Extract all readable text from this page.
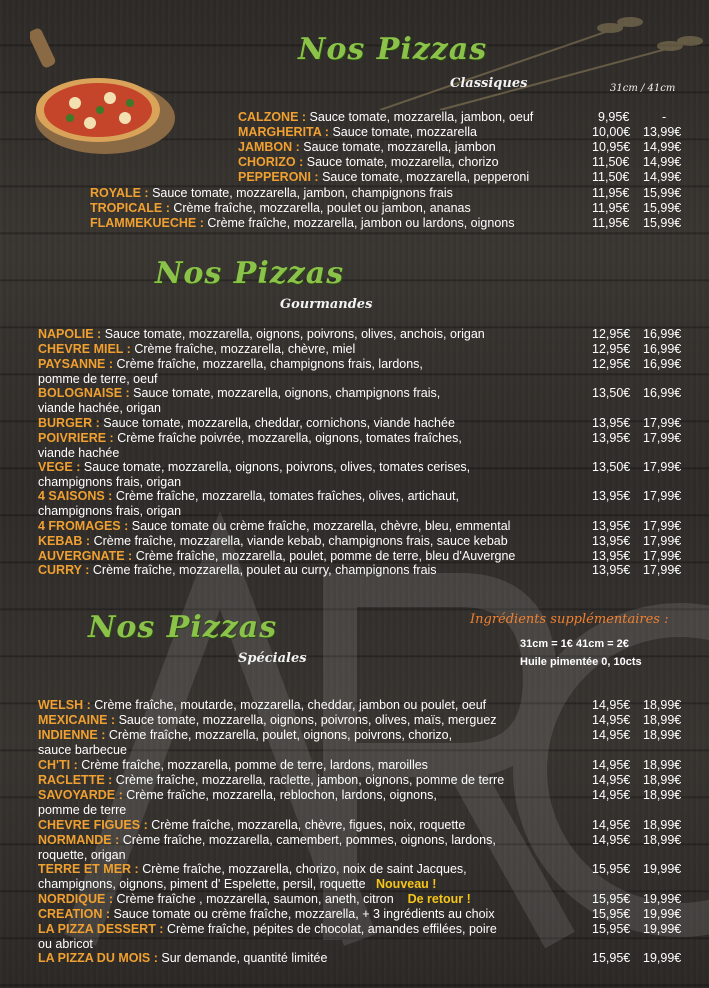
Nos Pizzas
Classiques	31cm / 41cm
CALZONE : Sauce tomate, mozzarella, jambon, oeuf	9,95€	-
MARGHERITA : Sauce tomate, mozzarella	10,00€ 13,99€
JAMBON : Sauce tomate, mozzarella, jambon	10,95€ 14,99€
CHORIZO : Sauce tomate, mozzarella, chorizo	11,50€ 14,99€
PEPPERONI : Sauce tomate, mozzarella, pepperoni	11,50€ 14,99€
ROYALE : Sauce tomate, mozzarella, jambon, champignons frais	11,95€ 15,99€
TROPICALE : Crème fraîche, mozzarella, poulet ou jambon, ananas	11,95€ 15,99€
FLAMMEKUECHE : Crème fraîche, mozzarella, jambon ou lardons, oignons	11,95€ 15,99€
Nos Pizzas
Gourmandes
NAPOLIE : Sauce tomate, mozzarella, oignons, poivrons, olives, anchois, origan	12,95€ 16,99€
CHEVRE MIEL : Crème fraîche, mozzarella, chèvre, miel	12,95€ 16,99€
PAYSANNE : Crème fraîche, mozzarella, champignons frais, lardons,
pomme de terre, oeuf
12,95€ 16,99€
BOLOGNAISE : Sauce tomate, mozzarella, oignons, champignons frais,
viande hachée, origan
13,50€ 16,99€
BURGER : Sauce tomate, mozzarella, cheddar, cornichons, viande hachée	13,95€ 17,99€
POIVRIERE : Crème fraîche poivrée, mozzarella, oignons, tomates fraîches,
viande hachée
13,95€ 17,99€
VEGE : Sauce tomate, mozzarella, oignons, poivrons, olives, tomates cerises,
champignons frais, origan
13,50€ 17,99€
4 SAISONS : Crème fraîche, mozzarella, tomates fraîches, olives, artichaut,
champignons frais, origan
13,95€ 17,99€
4 FROMAGES : Sauce tomate ou crème fraîche, mozzarella, chèvre, bleu, emmental	13,95€ 17,99€
KEBAB : Crème fraîche, mozzarella, viande kebab, champignons frais, sauce kebab	13,95€ 17,99€
AUVERGNATE : Crème fraîche, mozzarella, poulet, pomme de terre, bleu d'Auvergne	13,95€ 17,99€
CURRY : Crème fraîche, mozzarella, poulet au curry, champignons frais	13,95€ 17,99€
Nos Pizzas
Spéciales
Ingrédients supplémentaires :
31cm = 1€ 41cm = 2€
Huile pimentée 0, 10cts
WELSH : Crème fraîche, moutarde, mozzarella, cheddar, jambon ou poulet, oeuf	14,95€ 18,99€
MEXICAINE : Sauce tomate, mozzarella, oignons, poivrons, olives, maïs, merguez	14,95€ 18,99€
INDIENNE : Crème fraîche, mozzarella, poulet, oignons, poivrons, chorizo,
sauce barbecue
14,95€ 18,99€
CH'TI : Crème fraîche, mozzarella, pomme de terre, lardons, maroilles	14,95€ 18,99€
RACLETTE : Crème fraîche, mozzarella, raclette, jambon, oignons, pomme de terre	14,95€ 18,99€
SAVOYARDE : Crème fraîche, mozzarella, reblochon, lardons, oignons,
pomme de terre
14,95€ 18,99€
CHEVRE FIGUES : Crème fraîche, mozzarella, chèvre, figues, noix, roquette	14,95€ 18,99€
NORMANDE : Crème fraîche, mozzarella, camembert, pommes, oignons, lardons,
roquette, origan
14,95€ 18,99€
TERRE ET MER : Crème fraîche, mozzarella, chorizo, noix de saint Jacques,
champignons, oignons, piment d' Espelette, persil, roquette Nouveau !
15,95€ 19,99€
NORDIQUE : Crème fraîche , mozzarella, saumon, aneth, citron De retour !	15,95€ 19,99€
CREATION : Sauce tomate ou crème fraîche, mozzarella, + 3 ingrédients au choix	15,95€ 19,99€
LA PIZZA DESSERT : Crème fraîche, pépites de chocolat, amandes effilées, poire
ou abricot
15,95€ 19,99€
LA PIZZA DU MOIS : Sur demande, quantité limitée	15,95€ 19,99€
